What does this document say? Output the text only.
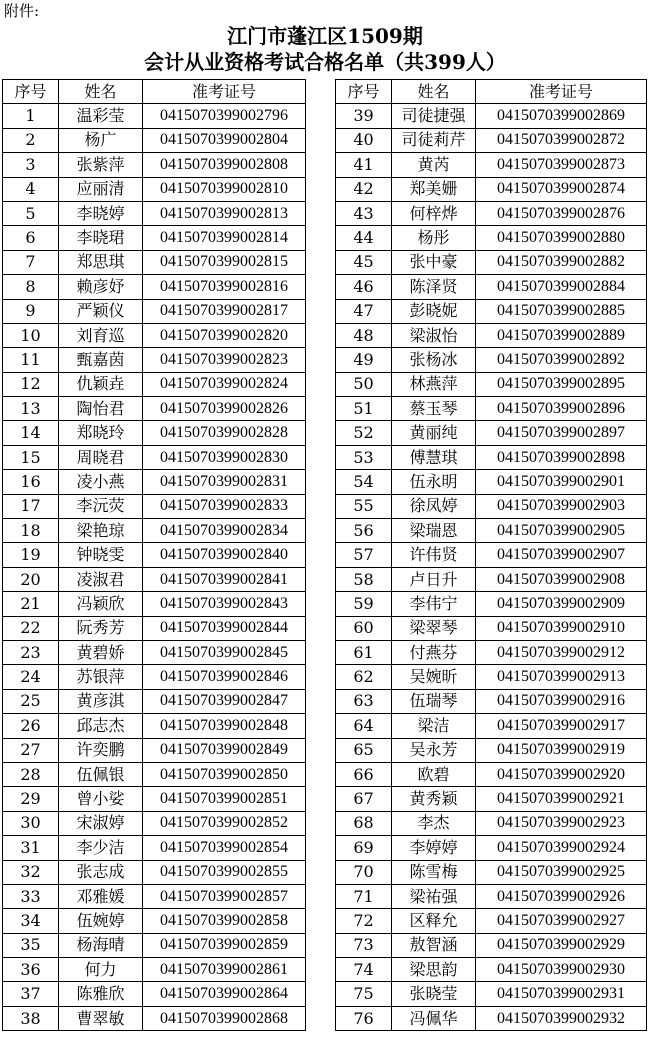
附件:
江门市蓬江区1509期
会计从业资格考试合格名单（共399人）
序号	姓名	准考证号
1	温彩莹	0415070399002796
2	杨广	0415070399002804
3	张紫萍	0415070399002808
4	应丽清	0415070399002810
5	李晓婷	0415070399002813
6	李晓珺	0415070399002814
7	郑思琪	0415070399002815
8	赖彦妤	0415070399002816
9	严颖仪	0415070399002817
10	刘育巡	0415070399002820
11	甄嘉茵	0415070399002823
12	仇颖垚	0415070399002824
13	陶怡君	0415070399002826
14	郑晓玲	0415070399002828
15	周晓君	0415070399002830
16	凌小燕	0415070399002831
17	李沅荧	0415070399002833
18	梁艳琼	0415070399002834
19	钟晓雯	0415070399002840
20	凌淑君	0415070399002841
21	冯颖欣	0415070399002843
22	阮秀芳	0415070399002844
23	黄碧娇	0415070399002845
24	苏银萍	0415070399002846
25	黄彦淇	0415070399002847
26	邱志杰	0415070399002848
27	许奕鹏	0415070399002849
28	伍佩银	0415070399002850
29	曾小娑	0415070399002851
30	宋淑婷	0415070399002852
31	李少洁	0415070399002854
32	张志成	0415070399002855
33	邓雅媛	0415070399002857
34	伍婉婷	0415070399002858
35	杨海晴	0415070399002859
36	何力	0415070399002861
37	陈雅欣	0415070399002864
38	曹翠敏	0415070399002868
序号	姓名	准考证号
39	司徒捷强	0415070399002869
40	司徒莉芹	0415070399002872
41	黄芮	0415070399002873
42	郑美姗	0415070399002874
43	何梓烨	0415070399002876
44	杨彤	0415070399002880
45	张中豪	0415070399002882
46	陈泽贤	0415070399002884
47	彭晓妮	0415070399002885
48	梁淑怡	0415070399002889
49	张杨冰	0415070399002892
50	林燕萍	0415070399002895
51	蔡玉琴	0415070399002896
52	黄丽纯	0415070399002897
53	傅慧琪	0415070399002898
54	伍永明	0415070399002901
55	徐凤婷	0415070399002903
56	梁瑞恩	0415070399002905
57	许伟贤	0415070399002907
58	卢日升	0415070399002908
59	李伟宁	0415070399002909
60	梁翠琴	0415070399002910
61	付燕芬	0415070399002912
62	吴婉昕	0415070399002913
63	伍瑞琴	0415070399002916
64	梁洁	0415070399002917
65	吴永芳	0415070399002919
66	欧碧	0415070399002920
67	黄秀颖	0415070399002921
68	李杰	0415070399002923
69	李婷婷	0415070399002924
70	陈雪梅	0415070399002925
71	梁祐强	0415070399002926
72	区释允	0415070399002927
73	敖智涵	0415070399002929
74	梁思韵	0415070399002930
75	张晓莹	0415070399002931
76	冯佩华	0415070399002932
